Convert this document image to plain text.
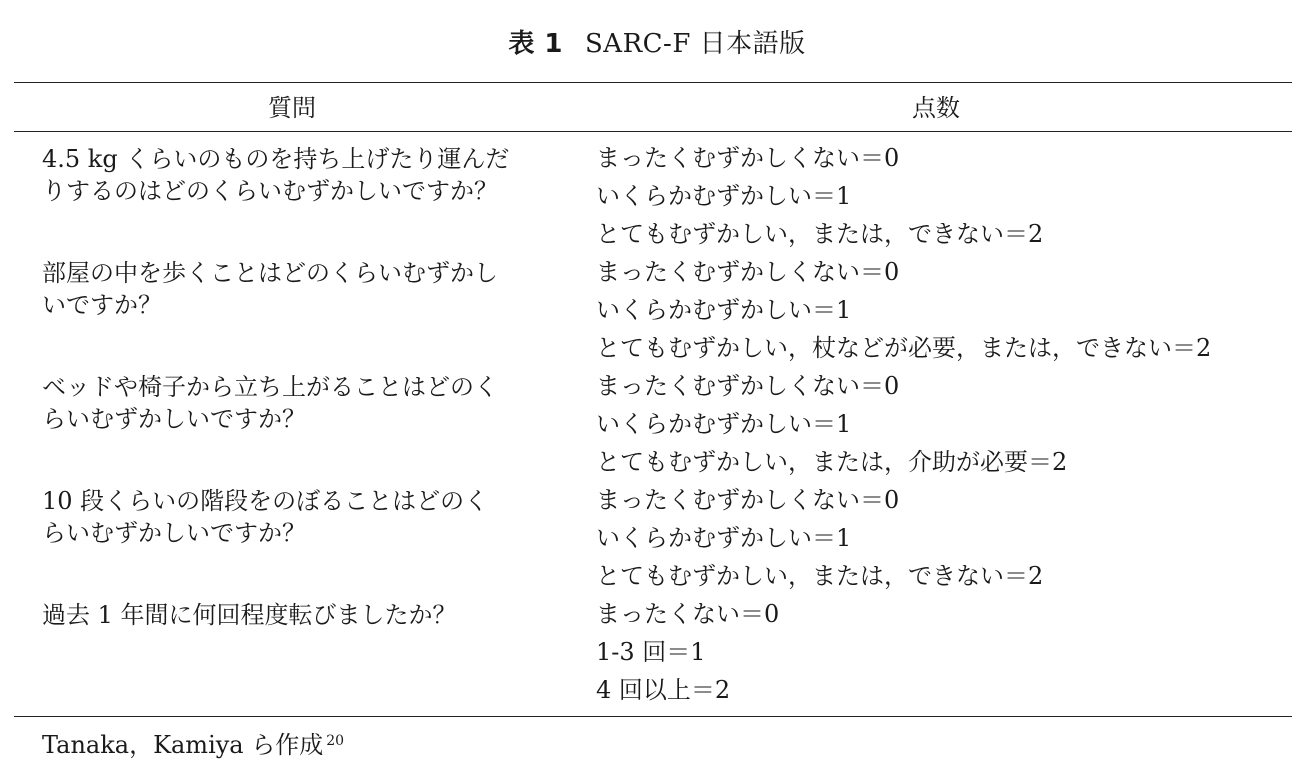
表 1 SARC-F 日本語版
質問	点数
4.5 kg くらいのものを持ち上げたり運んだ
りするのはどのくらいむずかしいですか？
まったくむずかしくない＝0
いくらかむずかしい＝1
とてもむずかしい，または，できない＝2
部屋の中を歩くことはどのくらいむずかし
いですか？
まったくむずかしくない＝0
いくらかむずかしい＝1
とてもむずかしい，杖などが必要，または，できない＝2
ベッドや椅子から立ち上がることはどのく
らいむずかしいですか？
まったくむずかしくない＝0
いくらかむずかしい＝1
とてもむずかしい，または，介助が必要＝2
10 段くらいの階段をのぼることはどのく
らいむずかしいですか？
まったくむずかしくない＝0
いくらかむずかしい＝1
とてもむずかしい，または，できない＝2
過去 1 年間に何回程度転びましたか？	まったくない＝0
1-3 回＝1
4 回以上＝2
Tanaka，Kamiya ら作成 $^{20}$
